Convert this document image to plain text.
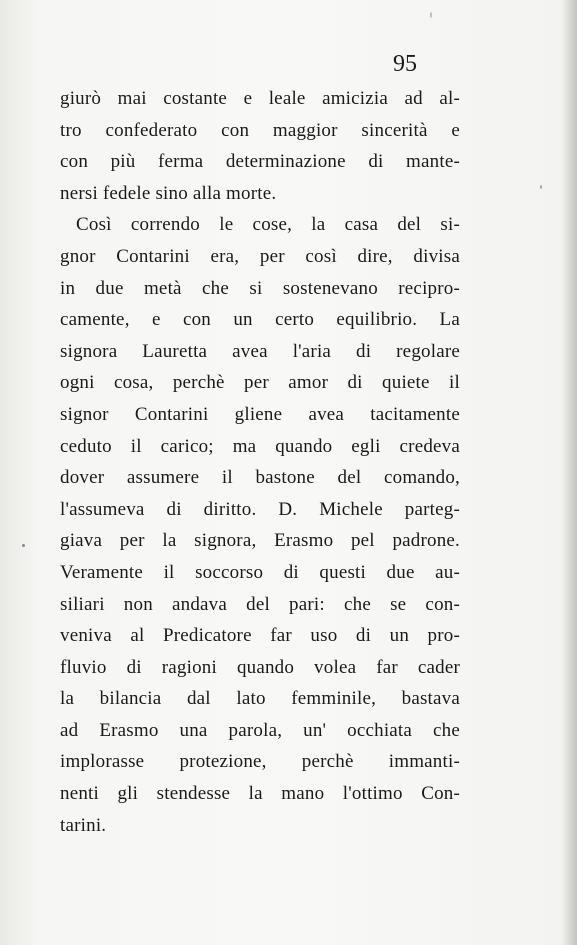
95
giurò mai costante e leale amicizia ad al-
tro confederato con maggior sincerità e
con più ferma determinazione di mante-
nersi fedele sino alla morte.
Così correndo le cose, la casa del si-
gnor Contarini era, per così dire, divisa
in due metà che si sostenevano recipro-
camente, e con un certo equilibrio. La
signora Lauretta avea l'aria di regolare
ogni cosa, perchè per amor di quiete il
signor Contarini gliene avea tacitamente
ceduto il carico; ma quando egli credeva
dover assumere il bastone del comando,
l'assumeva di diritto. D. Michele parteg-
giava per la signora, Erasmo pel padrone.
Veramente il soccorso di questi due au-
siliari non andava del pari: che se con-
veniva al Predicatore far uso di un pro-
fluvio di ragioni quando volea far cader
la bilancia dal lato femminile, bastava
ad Erasmo una parola, un' occhiata che
implorasse protezione, perchè immanti-
nenti gli stendesse la mano l'ottimo Con-
tarini.
